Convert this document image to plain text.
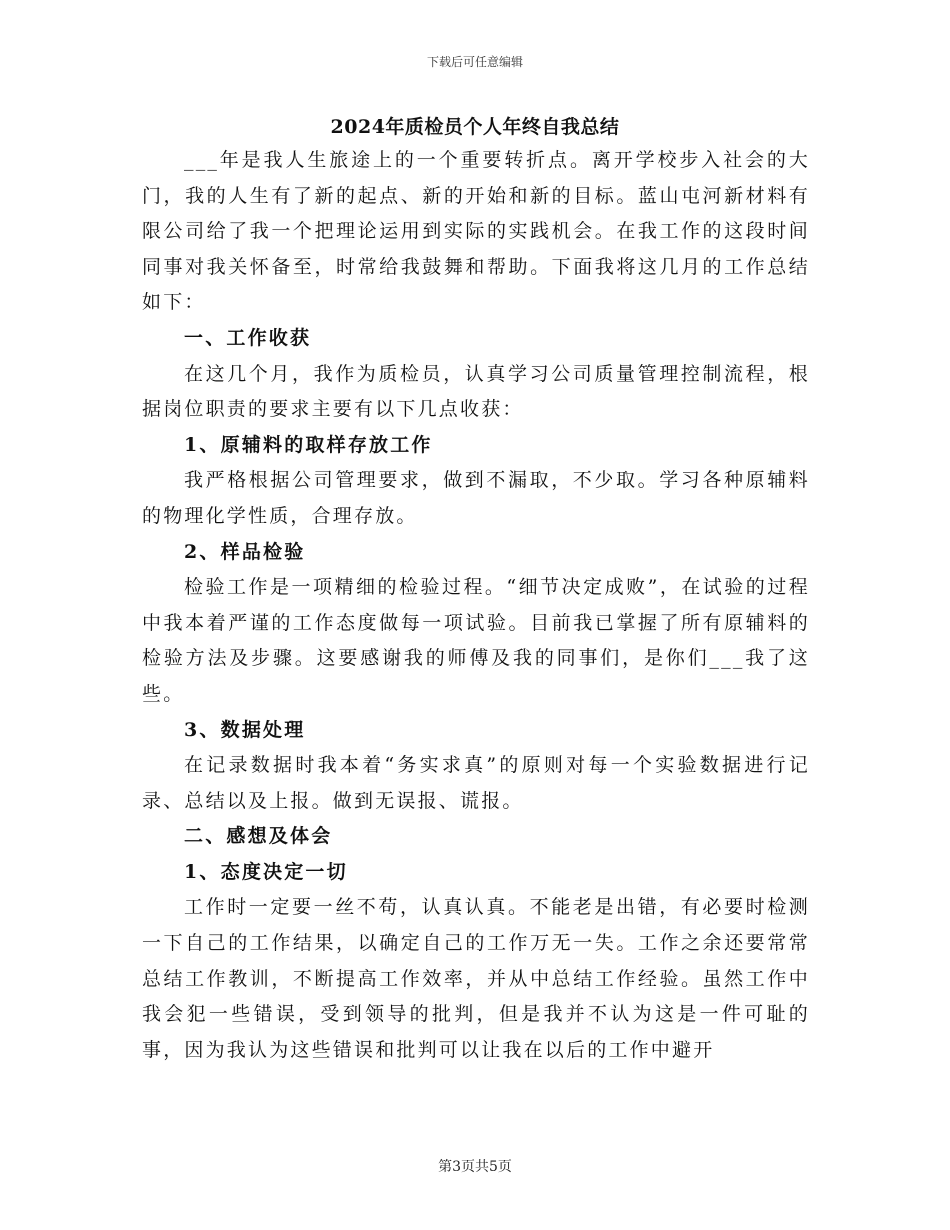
下载后可任意编辑
2024年质检员个人年终自我总结

___年是我人生旅途上的一个重要转折点。离开学校步入社会的大门，我的人生有了新的起点、新的开始和新的目标。蓝山屯河新材料有限公司给了我一个把理论运用到实际的实践机会。在我工作的这段时间同事对我关怀备至，时常给我鼓舞和帮助。下面我将这几月的工作总结如下：

一、工作收获

在这几个月，我作为质检员，认真学习公司质量管理控制流程，根据岗位职责的要求主要有以下几点收获：

1、原辅料的取样存放工作

我严格根据公司管理要求，做到不漏取，不少取。学习各种原辅料的物理化学性质，合理存放。

2、样品检验

检验工作是一项精细的检验过程。“细节决定成败”，在试验的过程中我本着严谨的工作态度做每一项试验。目前我已掌握了所有原辅料的检验方法及步骤。这要感谢我的师傅及我的同事们，是你们___我了这些。

3、数据处理

在记录数据时我本着“务实求真”的原则对每一个实验数据进行记录、总结以及上报。做到无误报、谎报。

二、感想及体会

1、态度决定一切

工作时一定要一丝不苟，认真认真。不能老是出错，有必要时检测一下自己的工作结果，以确定自己的工作万无一失。工作之余还要常常总结工作教训，不断提高工作效率，并从中总结工作经验。虽然工作中我会犯一些错误，受到领导的批判，但是我并不认为这是一件可耻的事，因为我认为这些错误和批判可以让我在以后的工作中避开

第3页共5页
